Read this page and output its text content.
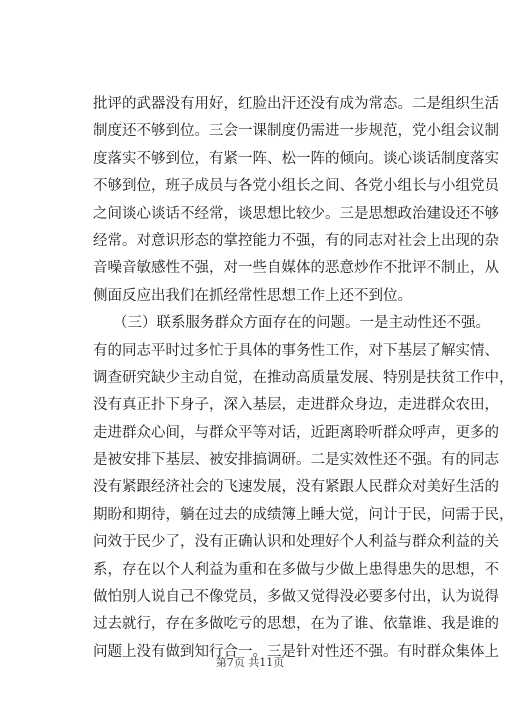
批评的武器没有用好，红脸出汗还没有成为常态。二是组织生活
制度还不够到位。三会一课制度仍需进一步规范，党小组会议制
度落实不够到位，有紧一阵、松一阵的倾向。谈心谈话制度落实
不够到位，班子成员与各党小组长之间、各党小组长与小组党员
之间谈心谈话不经常，谈思想比较少。三是思想政治建设还不够
经常。对意识形态的掌控能力不强，有的同志对社会上出现的杂
音噪音敏感性不强，对一些自媒体的恶意炒作不批评不制止，从
侧面反应出我们在抓经常性思想工作上还不到位。
（三）联系服务群众方面存在的问题。一是主动性还不强。
有的同志平时过多忙于具体的事务性工作，对下基层了解实情、
调查研究缺少主动自觉，在推动高质量发展、特别是扶贫工作中，
没有真正扑下身子，深入基层，走进群众身边，走进群众农田，
走进群众心间，与群众平等对话，近距离聆听群众呼声，更多的
是被安排下基层、被安排搞调研。二是实效性还不强。有的同志
没有紧跟经济社会的飞速发展，没有紧跟人民群众对美好生活的
期盼和期待，躺在过去的成绩簿上睡大觉，问计于民，问需于民，
问效于民少了，没有正确认识和处理好个人利益与群众利益的关
系，存在以个人利益为重和在多做与少做上患得患失的思想，不
做怕别人说自己不像党员，多做又觉得没必要多付出，认为说得
过去就行，存在多做吃亏的思想，在为了谁、依靠谁、我是谁的
问题上没有做到知行合一。三是针对性还不强。有时群众集体上
第7页 共11页
